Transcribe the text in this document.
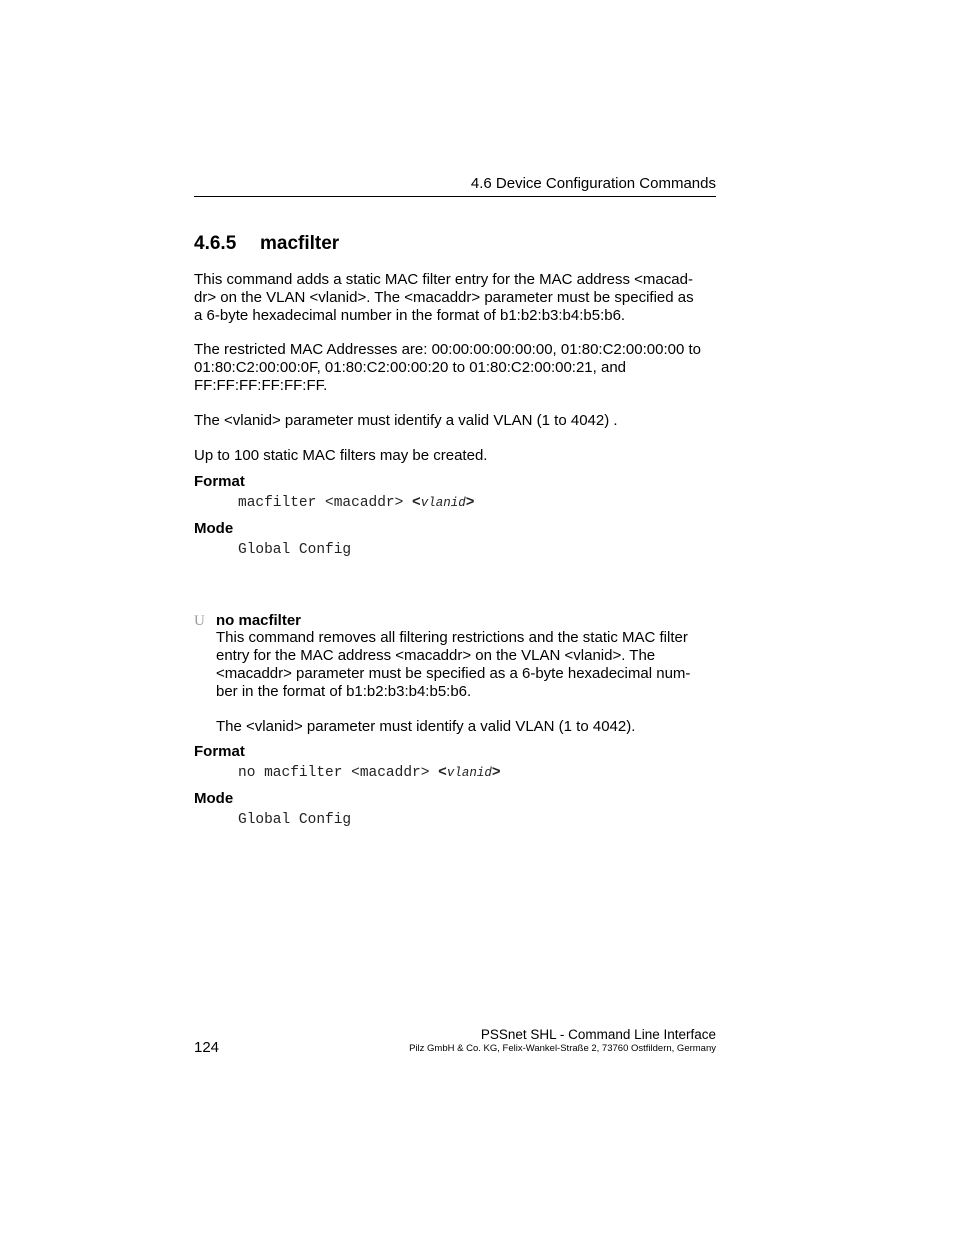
4.6 Device Configuration Commands
4.6.5 macfilter
This command adds a static MAC filter entry for the MAC address <macad-
dr> on the VLAN <vlanid>. The <macaddr> parameter must be specified as
a 6-byte hexadecimal number in the format of b1:b2:b3:b4:b5:b6.
The restricted MAC Addresses are: 00:00:00:00:00:00, 01:80:C2:00:00:00 to
01:80:C2:00:00:0F, 01:80:C2:00:00:20 to 01:80:C2:00:00:21, and
FF:FF:FF:FF:FF:FF.
The <vlanid> parameter must identify a valid VLAN (1 to 4042) .
Up to 100 static MAC filters may be created.
Format
macfilter <macaddr> <vlanid>
Mode
Global Config
U no macfilter
This command removes all filtering restrictions and the static MAC filter
entry for the MAC address <macaddr> on the VLAN <vlanid>. The
<macaddr> parameter must be specified as a 6-byte hexadecimal num-
ber in the format of b1:b2:b3:b4:b5:b6.
The <vlanid> parameter must identify a valid VLAN (1 to 4042).
Format
no macfilter <macaddr> <vlanid>
Mode
Global Config
124
PSSnet SHL - Command Line Interface
Pilz GmbH & Co. KG, Felix-Wankel-Straße 2, 73760 Ostfildern, Germany
